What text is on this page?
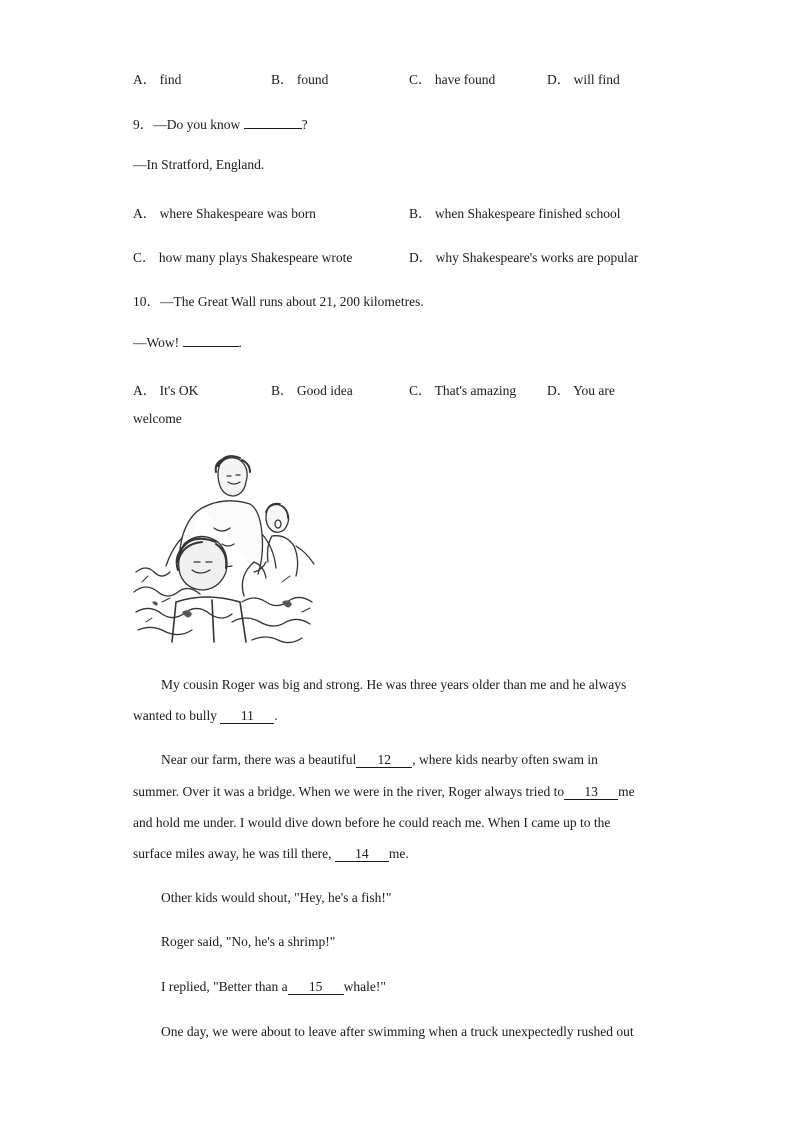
A． find	B． found	C． have found	D． will find
9．—Do you know	?
—In Stratford, England.
A． where Shakespeare was born	B． when Shakespeare finished school
C． how many plays Shakespeare wrote	D． why Shakespeare's works are popular
10．—The Great Wall runs about 21, 200 kilometres.
—Wow!	.
A． It's OK	B． Good idea	C． That's amazing D． You are
welcome
My cousin Roger was big and strong. He was three years older than me and he always
wanted to bully 11 .
Near our farm, there was a beautiful 12 , where kids nearby often swam in
summer. Over it was a bridge. When we were in the river, Roger always tried to 13 me
and hold me under. I would dive down before he could reach me. When I came up to the
surface miles away, he was till there, 14 me.
Other kids would shout, "Hey, he's a fish!"
Roger said, "No, he's a shrimp!"
I replied, "Better than a 15 whale!"
One day, we were about to leave after swimming when a truck unexpectedly rushed out
